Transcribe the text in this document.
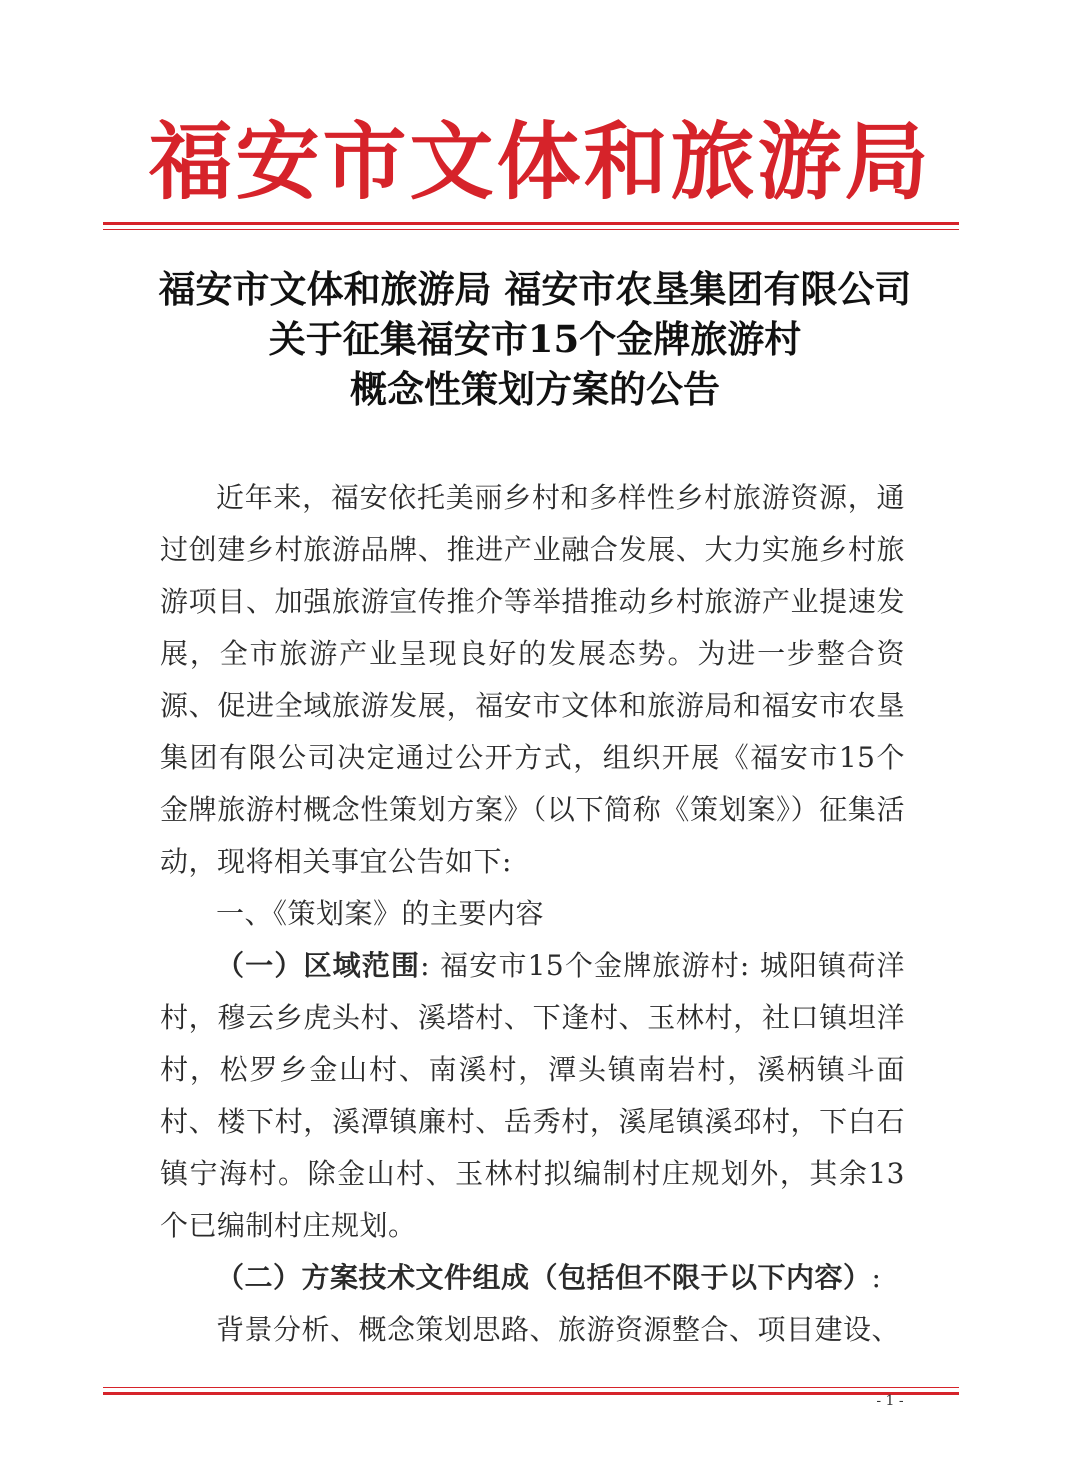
福安市文体和旅游局
福安市文体和旅游局 福安市农垦集团有限公司
关于征集福安市15个金牌旅游村
概念性策划方案的公告

近年来，福安依托美丽乡村和多样性乡村旅游资源，通过创建乡村旅游品牌、推进产业融合发展、大力实施乡村旅游项目、加强旅游宣传推介等举措推动乡村旅游产业提速发展，全市旅游产业呈现良好的发展态势。为进一步整合资源、促进全域旅游发展，福安市文体和旅游局和福安市农垦集团有限公司决定通过公开方式，组织开展《福安市15个金牌旅游村概念性策划方案》（以下简称《策划案》）征集活动，现将相关事宜公告如下:

一、《策划案》的主要内容

（一）区域范围: 福安市15个金牌旅游村: 城阳镇荷洋村，穆云乡虎头村、溪塔村、下逢村、玉林村，社口镇坦洋村，松罗乡金山村、南溪村，潭头镇南岩村，溪柄镇斗面村、楼下村，溪潭镇廉村、岳秀村，溪尾镇溪邳村，下白石镇宁海村。除金山村、玉林村拟编制村庄规划外，其余13个已编制村庄规划。

（二）方案技术文件组成（包括但不限于以下内容）:

背景分析、概念策划思路、旅游资源整合、项目建设、

- 1 -
